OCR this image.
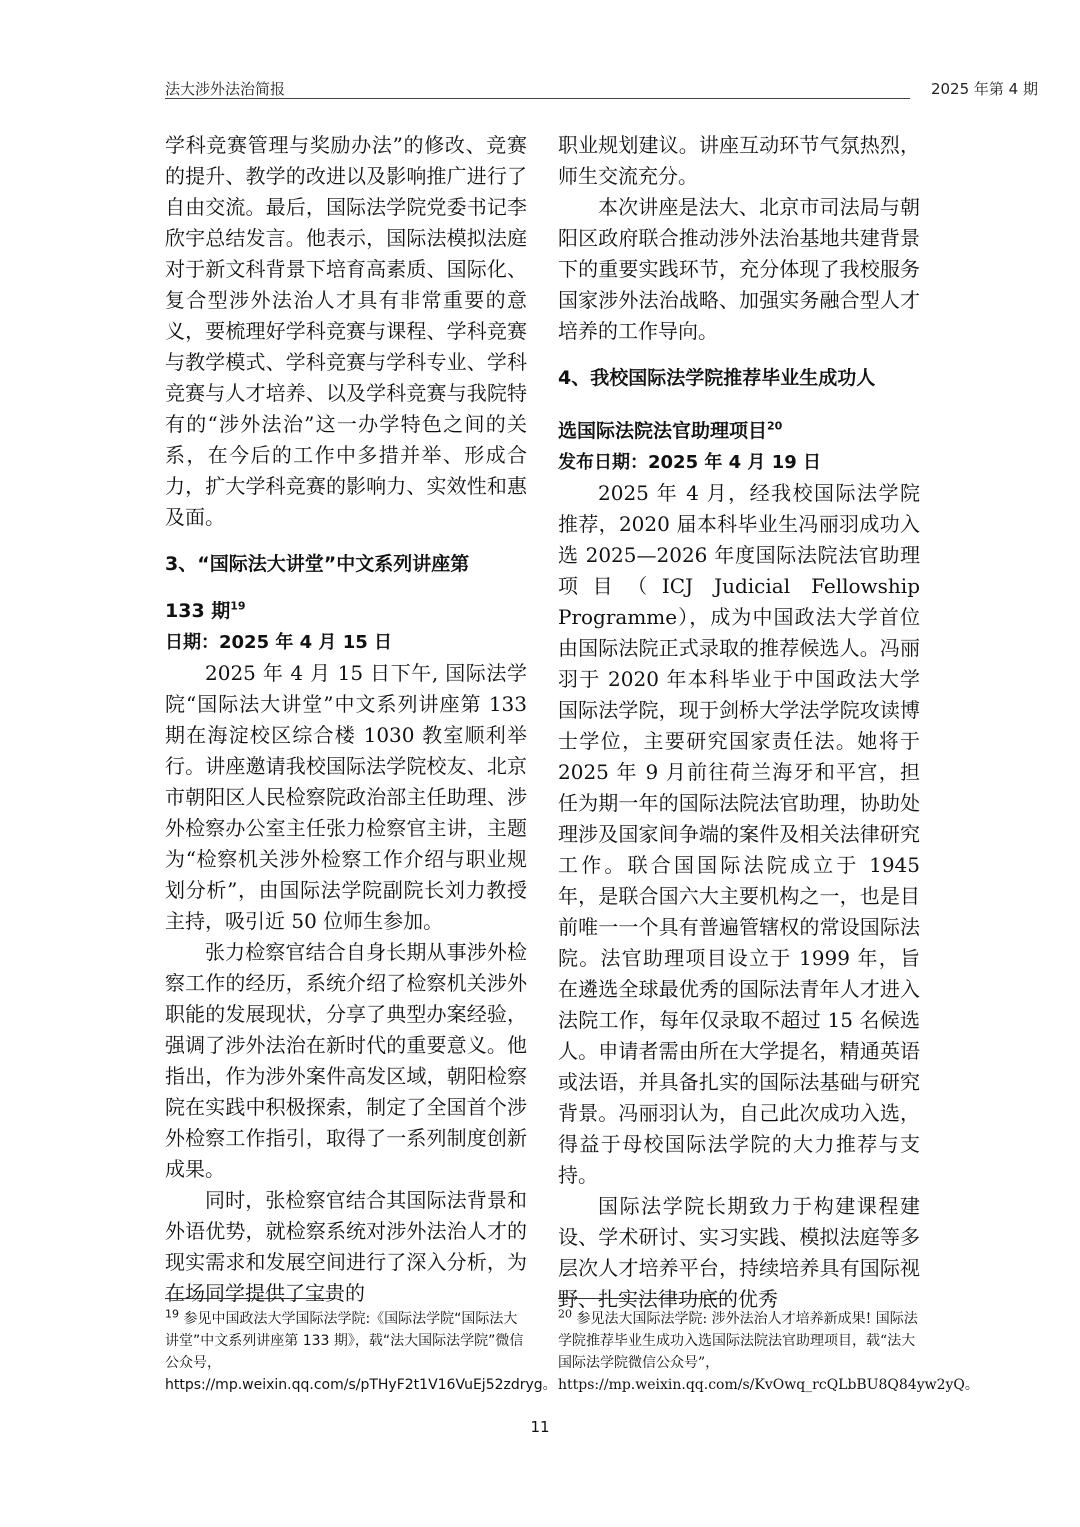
法大涉外法治简报	2025 年第 4 期

学科竞赛管理与奖励办法”的修改、竞赛的提升、教学的改进以及影响推广进行了自由交流。最后，国际法学院党委书记李欣宇总结发言。他表示，国际法模拟法庭对于新文科背景下培育高素质、国际化、复合型涉外法治人才具有非常重要的意义，要梳理好学科竞赛与课程、学科竞赛与教学模式、学科竞赛与学科专业、学科竞赛与人才培养、以及学科竞赛与我院特有的“涉外法治”这一办学特色之间的关系，在今后的工作中多措并举、形成合力，扩大学科竞赛的影响力、实效性和惠及面。

3、“国际法大讲堂”中文系列讲座第
133 期$^{19}$
日期：2025 年 4 月 15 日

2025 年 4 月 15 日下午, 国际法学院“国际法大讲堂”中文系列讲座第 133 期在海淀校区综合楼 1030 教室顺利举行。讲座邀请我校国际法学院校友、北京市朝阳区人民检察院政治部主任助理、涉外检察办公室主任张力检察官主讲，主题为“检察机关涉外检察工作介绍与职业规划分析”，由国际法学院副院长刘力教授主持，吸引近 50 位师生参加。

张力检察官结合自身长期从事涉外检察工作的经历，系统介绍了检察机关涉外职能的发展现状，分享了典型办案经验，强调了涉外法治在新时代的重要意义。他指出，作为涉外案件高发区域，朝阳检察院在实践中积极探索，制定了全国首个涉外检察工作指引，取得了一系列制度创新成果。

同时，张检察官结合其国际法背景和外语优势，就检察系统对涉外法治人才的现实需求和发展空间进行了深入分析，为在场同学提供了宝贵的

职业规划建议。讲座互动环节气氛热烈，师生交流充分。

本次讲座是法大、北京市司法局与朝阳区政府联合推动涉外法治基地共建背景下的重要实践环节，充分体现了我校服务国家涉外法治战略、加强实务融合型人才培养的工作导向。

4、我校国际法学院推荐毕业生成功人
选国际法院法官助理项目$^{20}$
发布日期：2025 年 4 月 19 日

2025 年 4 月，经我校国际法学院推荐，2020 届本科毕业生冯丽羽成功入选 2025—2026 年度国际法院法官助理项目（ICJ Judicial Fellowship Programme），成为中国政法大学首位由国际法院正式录取的推荐候选人。冯丽羽于 2020 年本科毕业于中国政法大学国际法学院，现于剑桥大学法学院攻读博士学位，主要研究国家责任法。她将于 2025 年 9 月前往荷兰海牙和平宫，担任为期一年的国际法院法官助理，协助处理涉及国家间争端的案件及相关法律研究工作。联合国国际法院成立于 1945 年，是联合国六大主要机构之一，也是目前唯一一个具有普遍管辖权的常设国际法院。法官助理项目设立于 1999 年，旨在遴选全球最优秀的国际法青年人才进入法院工作，每年仅录取不超过 15 名候选人。申请者需由所在大学提名，精通英语或法语，并具备扎实的国际法基础与研究背景。冯丽羽认为，自己此次成功入选，得益于母校国际法学院的大力推荐与支持。

国际法学院长期致力于构建课程建设、学术研讨、实习实践、模拟法庭等多层次人才培养平台，持续培养具有国际视野、扎实法律功底的优秀

$^{19}$ 参见中国政法大学国际法学院:《国际法学院“国际法大讲堂”中文系列讲座第 133 期》，载“法大国际法学院”微信公众号，https://mp.weixin.qq.com/s/pTHyF2t1V16VuEj52zdryg。
$^{20}$ 参见法大国际法学院: 涉外法治人才培养新成果! 国际法学院推荐毕业生成功入选国际法院法官助理项目，载“法大国际法学院微信公众号”，https://mp.weixin.qq.com/s/KvOwq_rcQLbBU8Q84yw2yQ。
11
